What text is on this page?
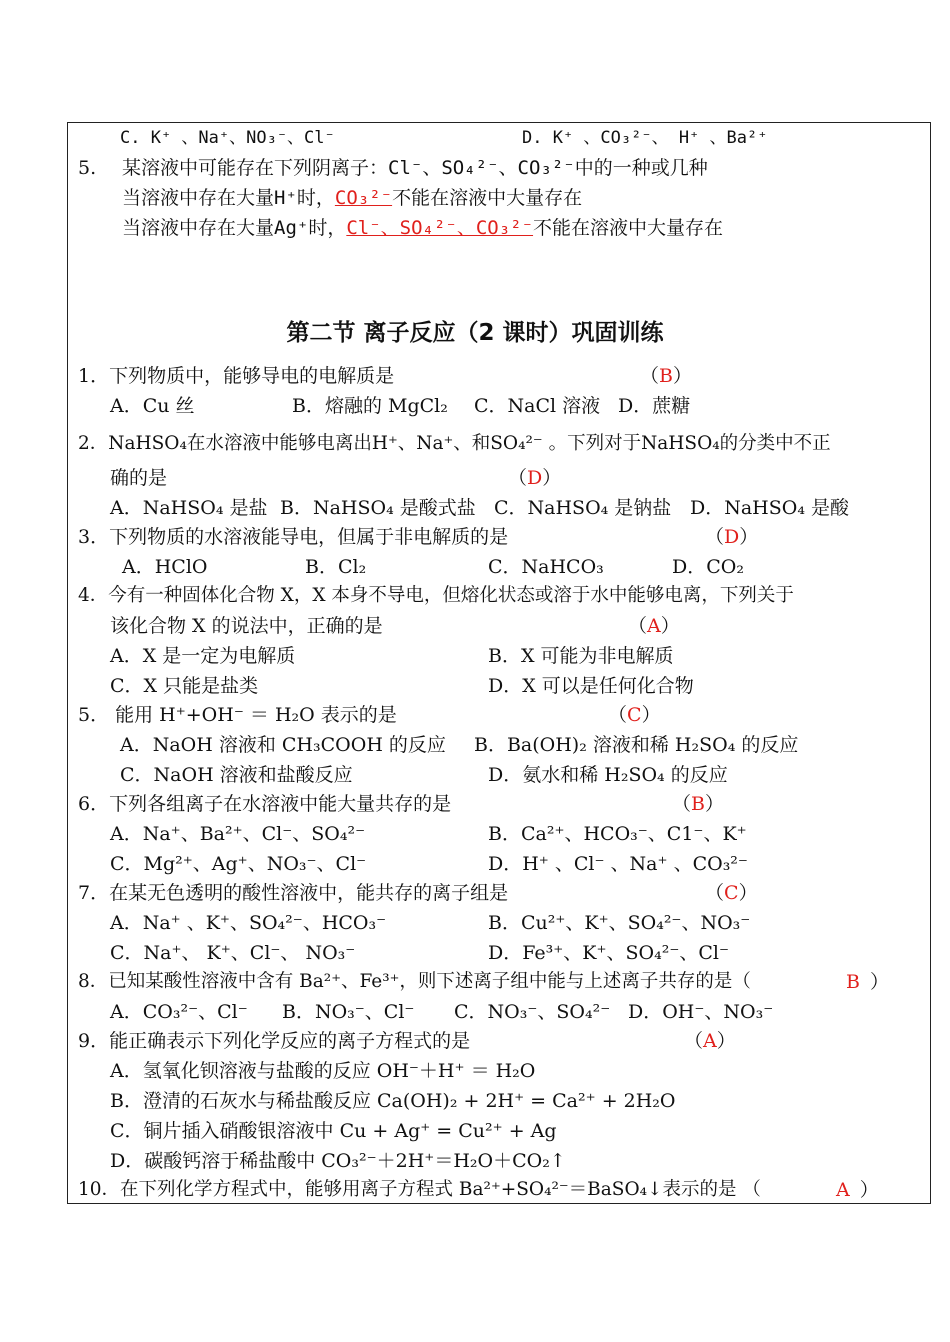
C. K⁺ 、Na⁺、NO₃⁻、Cl⁻	D. K⁺ 、CO₃²⁻、 H⁺ 、Ba²⁺
5. 某溶液中可能存在下列阴离子：Cl⁻、SO₄²⁻、CO₃²⁻中的一种或几种
当溶液中存在大量H⁺时，CO₃²⁻不能在溶液中大量存在
当溶液中存在大量Ag⁺时，Cl⁻、SO₄²⁻、CO₃²⁻不能在溶液中大量存在
第二节 离子反应（2 课时）巩固训练
1．下列物质中，能够导电的电解质是	（B）
A．Cu 丝	B．熔融的 MgCl₂ C．NaCl 溶液 D．蔗糖
2．NaHSO₄在水溶液中能够电离出H⁺、Na⁺、和SO₄²⁻ 。下列对于NaHSO₄的分类中不正
确的是	（D）
A．NaHSO₄ 是盐 B．NaHSO₄ 是酸式盐 C．NaHSO₄ 是钠盐 D．NaHSO₄ 是酸
3．下列物质的水溶液能导电，但属于非电解质的是	（D）
A．HClO	B．Cl₂	C．NaHCO₃	D．CO₂
4．今有一种固体化合物 X，X 本身不导电，但熔化状态或溶于水中能够电离，下列关于
该化合物 X 的说法中，正确的是	（A）
A．X 是一定为电解质	B．X 可能为非电解质
C．X 只能是盐类	D．X 可以是任何化合物
5． 能用 H⁺+OH⁻ ＝ H₂O 表示的是	（C）
A．NaOH 溶液和 CH₃COOH 的反应 B．Ba(OH)₂ 溶液和稀 H₂SO₄ 的反应
C．NaOH 溶液和盐酸反应	D．氨水和稀 H₂SO₄ 的反应
6．下列各组离子在水溶液中能大量共存的是	（B）
A．Na⁺、Ba²⁺、Cl⁻、SO₄²⁻	B．Ca²⁺、HCO₃⁻、C1⁻、K⁺
C．Mg²⁺、Ag⁺、NO₃⁻、Cl⁻	D．H⁺ 、Cl⁻ 、Na⁺ 、CO₃²⁻
7．在某无色透明的酸性溶液中，能共存的离子组是	（C）
A．Na⁺ 、K⁺、SO₄²⁻、HCO₃⁻	B．Cu²⁺、K⁺、SO₄²⁻、NO₃⁻
C．Na⁺、 K⁺、Cl⁻、 NO₃⁻	D．Fe³⁺、K⁺、SO₄²⁻、Cl⁻
8．已知某酸性溶液中含有 Ba²⁺、Fe³⁺，则下述离子组中能与上述离子共存的是（	B ）
A．CO₃²⁻、Cl⁻ B．NO₃⁻、Cl⁻ C．NO₃⁻、SO₄²⁻ D．OH⁻、NO₃⁻
9．能正确表示下列化学反应的离子方程式的是	（A）
A．氢氧化钡溶液与盐酸的反应 OH⁻＋H⁺ ＝ H₂O
B．澄清的石灰水与稀盐酸反应 Ca(OH)₂ + 2H⁺ = Ca²⁺ + 2H₂O
C．铜片插入硝酸银溶液中 Cu + Ag⁺ = Cu²⁺ + Ag
D．碳酸钙溶于稀盐酸中 CO₃²⁻＋2H⁺＝H₂O＋CO₂↑
10．在下列化学方程式中，能够用离子方程式 Ba²⁺+SO₄²⁻＝BaSO₄↓表示的是 （	A ）
